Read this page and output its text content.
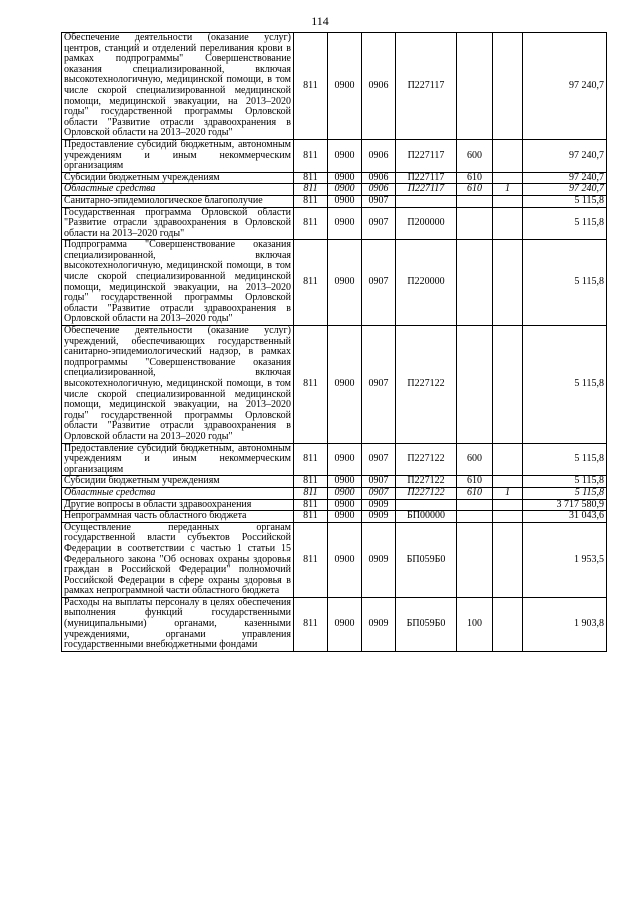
114
Обеспечение деятельности (оказание услуг) центров, станций и отделений переливания крови в рамках подпрограммы" Совершенствование оказания специализированной, включая высокотехнологичную, медицинской помощи, в том числе скорой специализированной медицинской помощи, медицинской эвакуации, на 2013–2020 годы" государственной программы Орловской области "Развитие отрасли здравоохранения в Орловской области на 2013–2020 годы"	811	0900	0906	П227117			97 240,7
Предоставление субсидий бюджетным, автономным учреждениям и иным некоммерческим организациям	811	0900	0906	П227117	600		97 240,7
Субсидии бюджетным учреждениям	811	0900	0906	П227117	610		97 240,7
Областные средства	811	0900	0906	П227117	610	1	97 240,7
Санитарно-эпидемиологическое благополучие	811	0900	0907				5 115,8
Государственная программа Орловской области "Развитие отрасли здравоохранения в Орловской области на 2013–2020 годы"	811	0900	0907	П200000			5 115,8
Подпрограмма "Совершенствование оказания специализированной, включая высокотехнологичную, медицинской помощи, в том числе скорой специализированной медицинской помощи, медицинской эвакуации, на 2013–2020 годы" государственной программы Орловской области "Развитие отрасли здравоохранения в Орловской области на 2013–2020 годы"	811	0900	0907	П220000			5 115,8
Обеспечение деятельности (оказание услуг) учреждений, обеспечивающих государственный санитарно-эпидемиологический надзор, в рамках подпрограммы "Совершенствование оказания специализированной, включая высокотехнологичную, медицинской помощи, в том числе скорой специализированной медицинской помощи, медицинской эвакуации, на 2013–2020 годы" государственной программы Орловской области "Развитие отрасли здравоохранения в Орловской области на 2013–2020 годы"	811	0900	0907	П227122			5 115,8
Предоставление субсидий бюджетным, автономным учреждениям и иным некоммерческим организациям	811	0900	0907	П227122	600		5 115,8
Субсидии бюджетным учреждениям	811	0900	0907	П227122	610		5 115,8
Областные средства	811	0900	0907	П227122	610	1	5 115,8
Другие вопросы в области здравоохранения	811	0900	0909				3 717 580,9
Непрограммная часть областного бюджета	811	0900	0909	БП00000			31 043,6
Осуществление переданных органам государственной власти субъектов Российской Федерации в соответствии с частью 1 статьи 15 Федерального закона "Об основах охраны здоровья граждан в Российской Федерации" полномочий Российской Федерации в сфере охраны здоровья в рамках непрограммной части областного бюджета	811	0900	0909	БП059Б0			1 953,5
Расходы на выплаты персоналу в целях обеспечения выполнения функций государственными (муниципальными) органами, казенными учреждениями, органами управления государственными внебюджетными фондами	811	0900	0909	БП059Б0	100		1 903,8
